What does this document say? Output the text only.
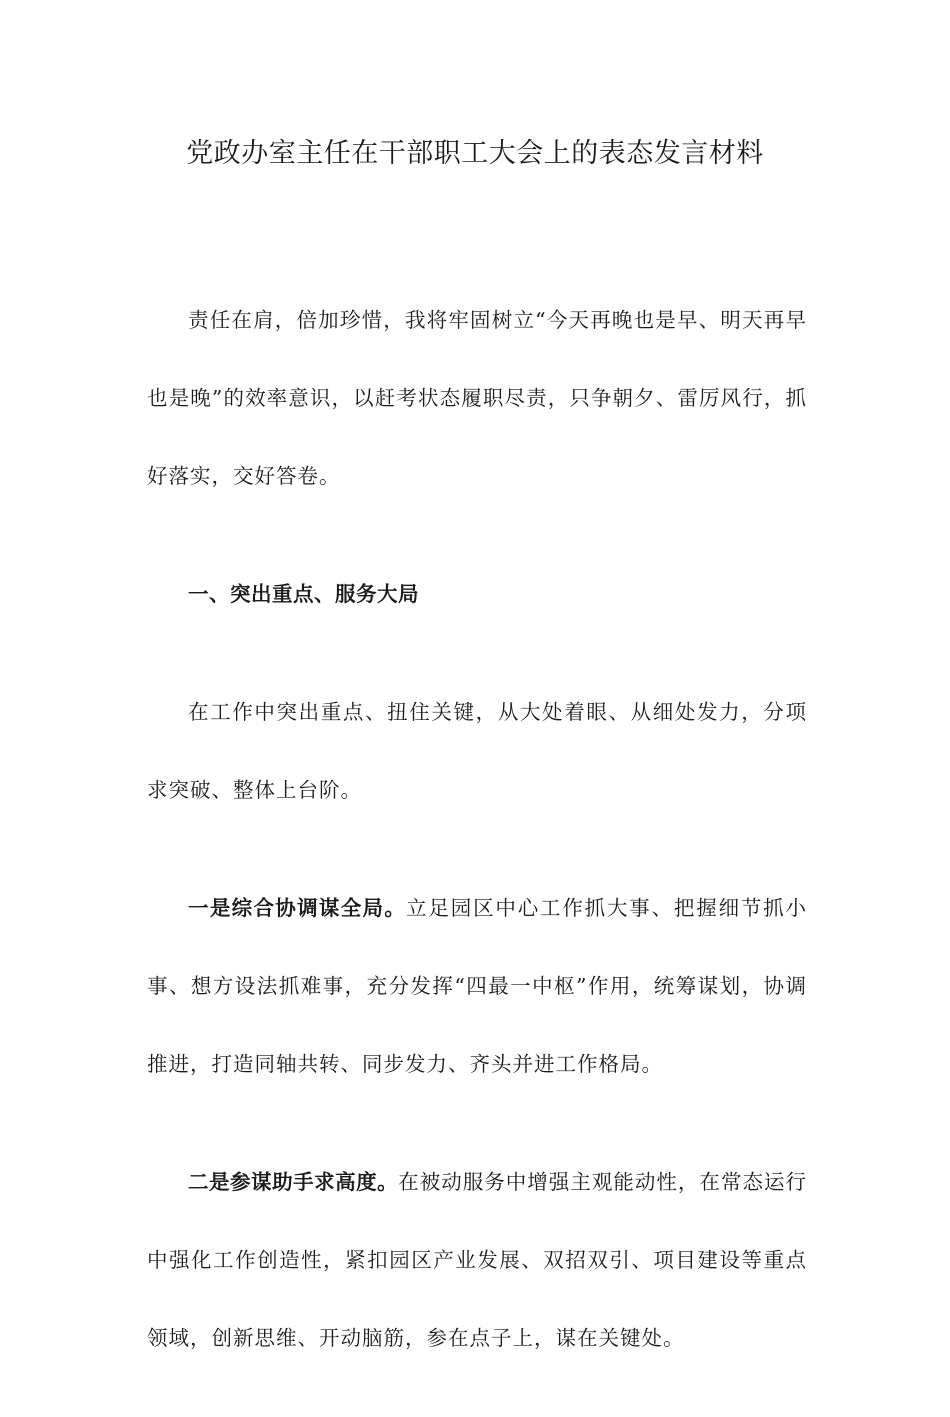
党政办室主任在干部职工大会上的表态发言材料

责任在肩，倍加珍惜，我将牢固树立“今天再晚也是早、明天再早也是晚”的效率意识，以赶考状态履职尽责，只争朝夕、雷厉风行，抓好落实，交好答卷。

一、突出重点、服务大局

在工作中突出重点、扭住关键，从大处着眼、从细处发力，分项求突破、整体上台阶。

一是综合协调谋全局。立足园区中心工作抓大事、把握细节抓小事、想方设法抓难事，充分发挥“四最一中枢”作用，统筹谋划，协调推进，打造同轴共转、同步发力、齐头并进工作格局。

二是参谋助手求高度。在被动服务中增强主观能动性，在常态运行中强化工作创造性，紧扣园区产业发展、双招双引、项目建设等重点领域，创新思维、开动脑筋，参在点子上，谋在关键处。
